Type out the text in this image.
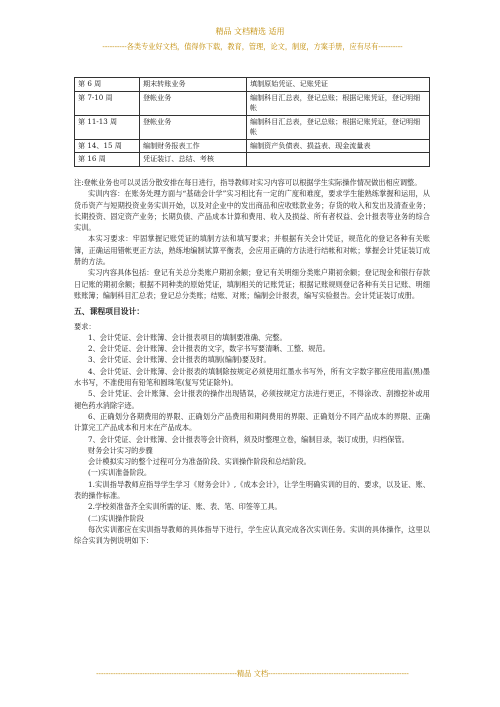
精品 文档精选 适用
----------各类专业好文档，值得你下载，教育，管理，论文，制度，方案手册，应有尽有----------
第 6 周	期末转账业务	填制原始凭证、记账凭证
第 7-10 周	登帐业务	编制科目汇总表，登记总账；根据记账凭证，登记明细帐
第 11-13 周	登帐业务	编制科目汇总表，登记总账；根据记账凭证，登记明细帐
第 14、15 周	编制财务报表工作	编制资产负债表、损益表、现金流量表
第 16 周	凭证装订、总结、考核	

注:登帐业务也可以灵活分散安排在每日进行，指导教师对实习内容可以根据学生实际操作情况做出相应调整。

实训内容：在账务处理方面与“基础会计学”实习相比有一定的广度和难度，要求学生能熟练掌握和运用，从货币资产与短期投资业务实训开始，以及对企业中的发出商品和应收账款业务；存货的收入和发出及清查业务；长期投资、固定资产业务；长期负债、产品成本计算和费用、收入及损益、所有者权益、会计报表等业务的综合实训。

本实习要求：牢固掌握记账凭证的填制方法和填写要求；并根据有关会计凭证，规范化的登记各种有关账簿，正确运用错帐更正方法，熟练地编制试算平衡表，会应用正确的方法进行结帐和对帐；掌握会计凭证装订成册的方法。

实习内容具体包括：登记有关总分类账户期初余额；登记有关明细分类账户期初余额；登记现金和银行存款日记账的期初余额；根据不同种类的原始凭证，填制相关的记账凭证；根据记账规则登记各种有关日记账、明细账账簿；编制科目汇总表；登记总分类账；结账、对账；编制会计报表，编写实验报告。会计凭证装订成册。

五、课程项目设计：

要求：

1、会计凭证、会计账簿、会计报表项目的填制要准确、完整。

2、会计凭证、会计账簿、会计报表的文字，数字书写要清晰、工整、规范。

3、会计凭证、会计账簿、会计报表的填制(编制)要及时。

4、会计凭证、会计账簿、会计报表的填制除按规定必须使用红墨水书写外，所有文字数字都应使用蓝(黑)墨水书写，不准使用有铅笔和圆珠笔(复写凭证除外)。

5、会计凭证、会计账簿、会计报表的操作出现错误，必须按规定方法进行更正，不得涂改、刮擦挖补或用褪色药水消除字迹。

6、正确划分各期费用的界限、正确划分产品费用和期间费用的界限、正确划分不同产品成本的界限、正确计算完工产品成本和月末在产品成本。

7、会计凭证、会计账簿、会计报表等会计资料，须及时整理立卷，编制目录，装订成册，归档保管。

财务会计实习的步骤

会计模拟实习的整个过程可分为准备阶段、实训操作阶段和总结阶段。

(一)实训准备阶段。

1.实训指导教师应指导学生学习《财务会计》,《成本会计》，让学生明确实训的目的、要求，以及证、账、表的操作标准。

2.学校须准备齐全实训所需的证、账、表、笔、印签等工具。

(二)实训操作阶段

每次实训都应在实训指导教师的具体指导下进行，学生应认真完成各次实训任务。实训的具体操作，这里以综合实训为例说明如下：

----------------------------------------------------------精品 文档----------------------------------------------------------
